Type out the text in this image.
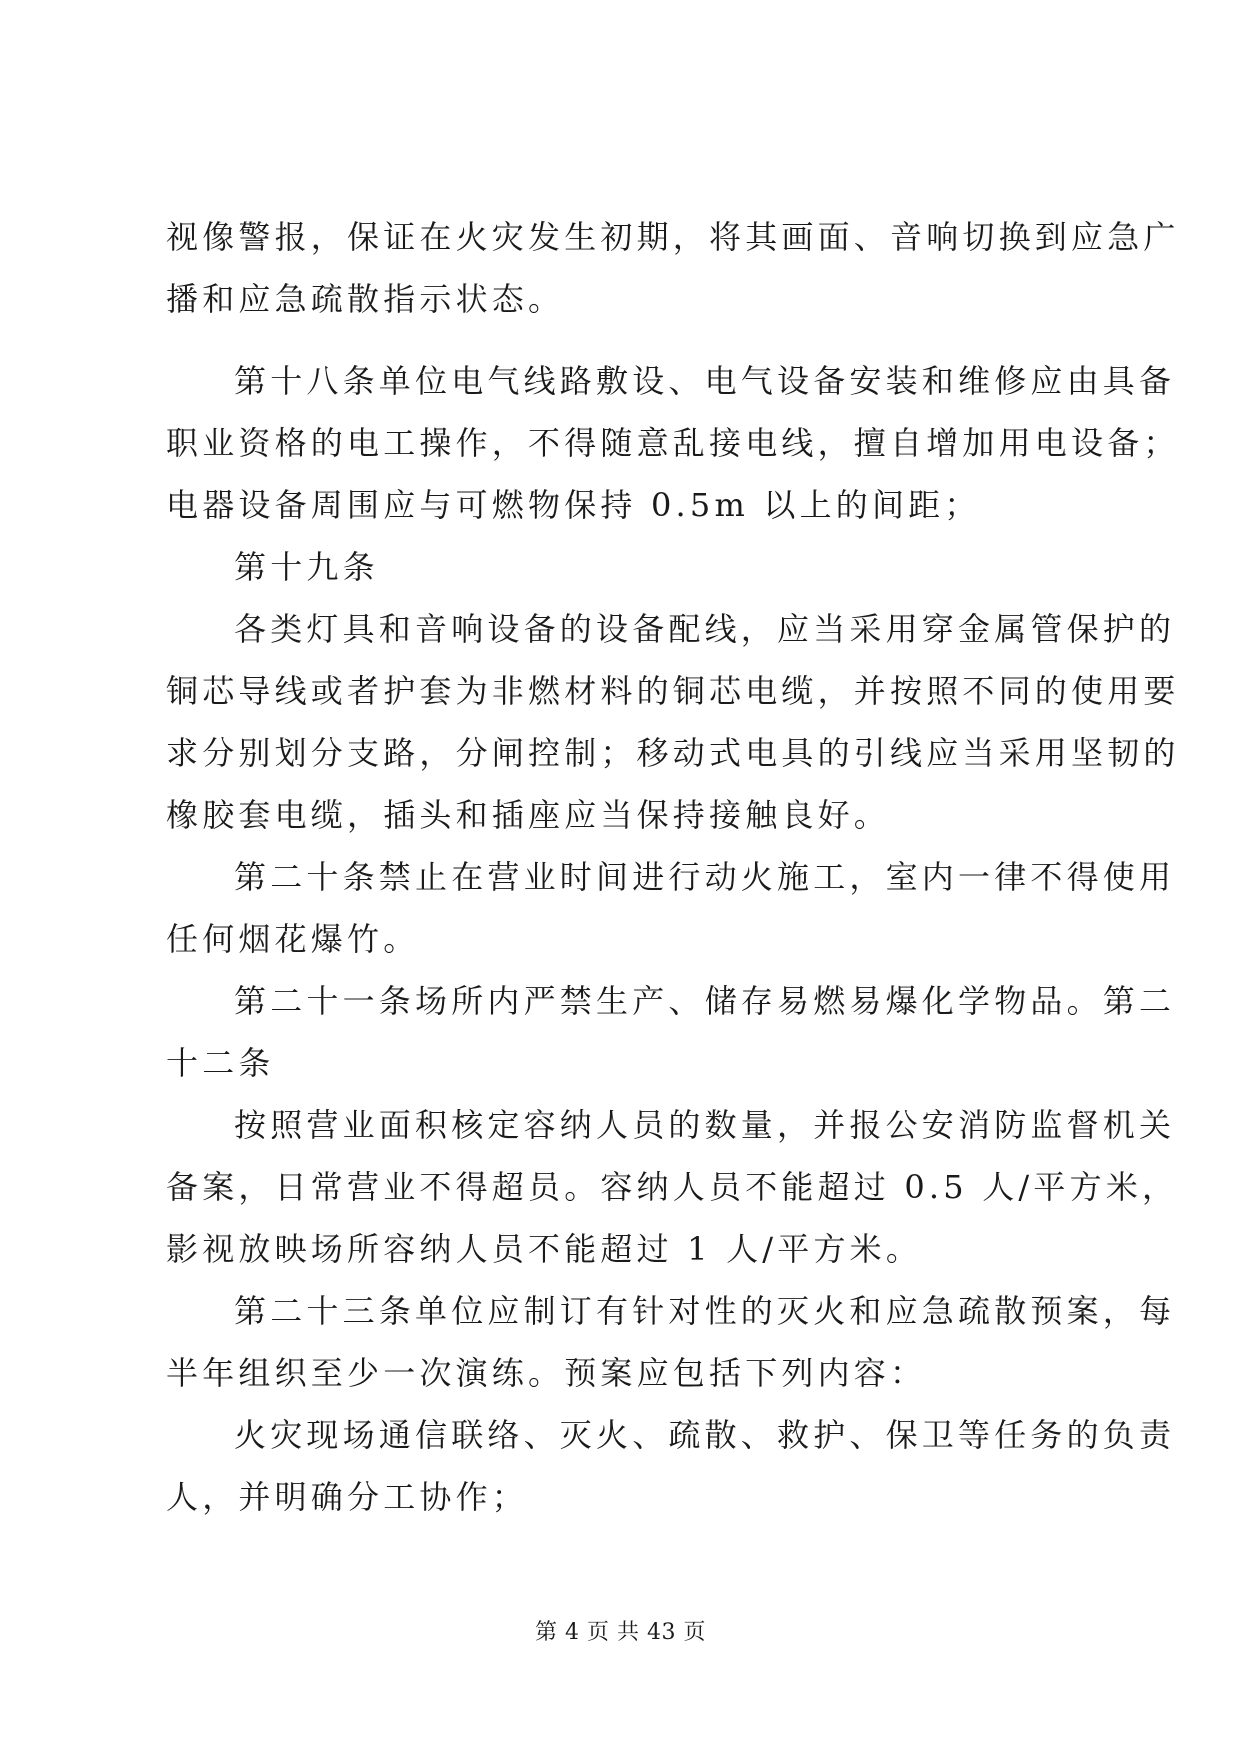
视像警报，保证在火灾发生初期，将其画面、音响切换到应急广
播和应急疏散指示状态。
第十八条单位电气线路敷设、电气设备安装和维修应由具备
职业资格的电工操作，不得随意乱接电线，擅自增加用电设备；
电器设备周围应与可燃物保持 0.5m 以上的间距；
第十九条
各类灯具和音响设备的设备配线，应当采用穿金属管保护的
铜芯导线或者护套为非燃材料的铜芯电缆，并按照不同的使用要
求分别划分支路，分闸控制；移动式电具的引线应当采用坚韧的
橡胶套电缆，插头和插座应当保持接触良好。
第二十条禁止在营业时间进行动火施工，室内一律不得使用
任何烟花爆竹。
第二十一条场所内严禁生产、储存易燃易爆化学物品。第二
十二条
按照营业面积核定容纳人员的数量，并报公安消防监督机关
备案，日常营业不得超员。容纳人员不能超过 0.5 人/平方米，
影视放映场所容纳人员不能超过 1 人/平方米。
第二十三条单位应制订有针对性的灭火和应急疏散预案，每
半年组织至少一次演练。预案应包括下列内容：
火灾现场通信联络、灭火、疏散、救护、保卫等任务的负责
人，并明确分工协作；
第 4 页 共 43 页
